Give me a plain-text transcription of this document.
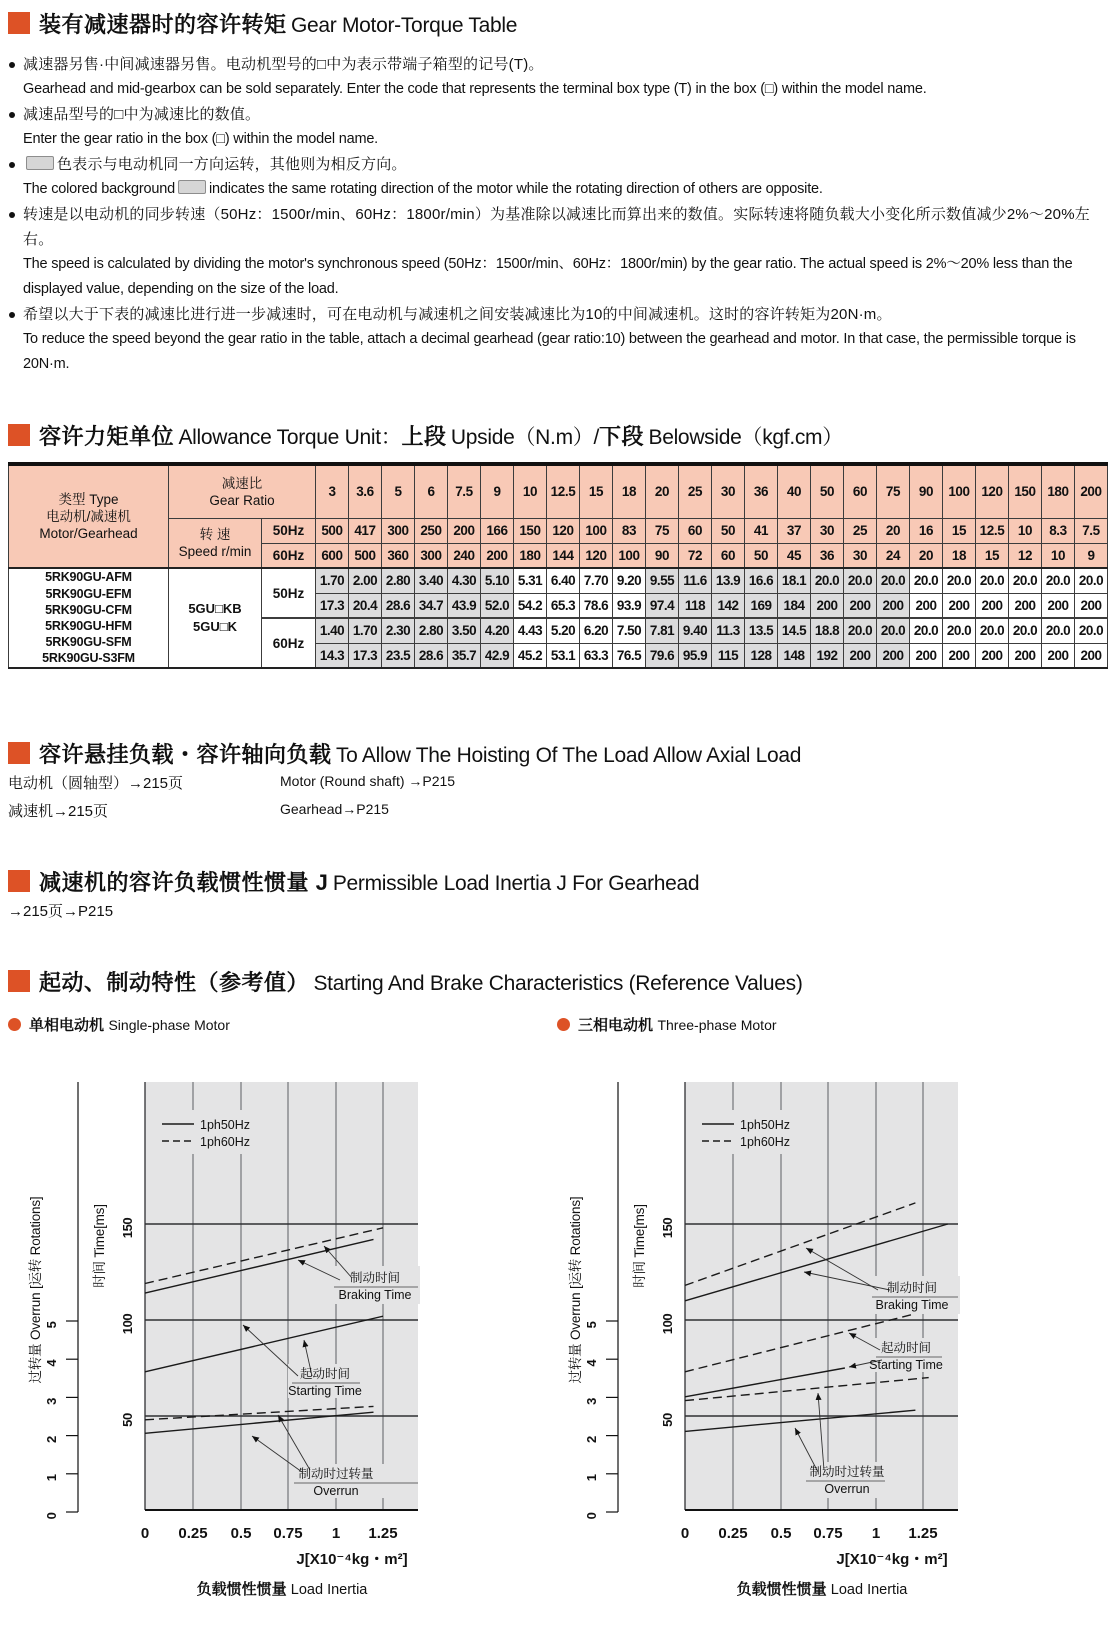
装有减速器时的容许转矩 Gear Motor-Torque Table
减速器另售·中间减速器另售。电动机型号的□中为表示带端子箱型的记号(T)。
Gearhead and mid-gearbox can be sold separately. Enter the code that represents the terminal box type (T) in the box (□) within the model name.
减速品型号的□中为减速比的数值。
Enter the gear ratio in the box (□) within the model name.
色表示与电动机同一方向运转，其他则为相反方向。
The colored background indicates the same rotating direction of the motor while the rotating direction of others are opposite.
转速是以电动机的同步转速（50Hz：1500r/min、60Hz：1800r/min）为基准除以减速比而算出来的数值。实际转速将随负载大小变化所示数值减少2%～20%左右。
The speed is calculated by dividing the motor's synchronous speed (50Hz：1500r/min、60Hz：1800r/min) by the gear ratio. The actual speed is 2%～20% less than the displayed value, depending on the size of the load.
希望以大于下表的减速比进行进一步减速时，可在电动机与减速机之间安装减速比为10的中间减速机。这时的容许转矩为20N·m。
To reduce the speed beyond the gear ratio in the table, attach a decimal gearhead (gear ratio:10) between the gearhead and motor. In that case, the permissible torque is 20N·m.
容许力矩单位 Allowance Torque Unit：上段 Upside（N.m）/下段 Belowside（kgf.cm）
类型 Type
电动机/减速机
Motor/Gearhead

减速比
Gear Ratio
	3	3.6	5	6	7.5	9	10	12.5	15	18	20	25	30	36	40	50	60	75	90	100	120	150	180	200

	转 速
Speed r/min	50Hz	500	417	300	250	200	166	150	120	100	83	75	60	50	41	37	30	25	20	16	15	12.5	10	8.3	7.5
		60Hz	600	500	360	300	240	200	180	144	120	100	90	72	60	50	45	36	30	24	20	18	15	12	10	9

5RK90GU-AFM
5RK90GU-EFM
5RK90GU-CFM
5RK90GU-HFM
5RK90GU-SFM
5RK90GU-S3FM

5GU□KB
5GU□K
	50Hz	1.70	2.00	2.80	3.40	4.30	5.10	5.31	6.40	7.70	9.20	9.55	11.6	13.9	16.6	18.1	20.0	20.0	20.0	20.0	20.0	20.0	20.0	20.0	20.0
			17.3	20.4	28.6	34.7	43.9	52.0	54.2	65.3	78.6	93.9	97.4	118	142	169	184	200	200	200	200	200	200	200	200	200
		60Hz	1.40	1.70	2.30	2.80	3.50	4.20	4.43	5.20	6.20	7.50	7.81	9.40	11.3	13.5	14.5	18.8	20.0	20.0	20.0	20.0	20.0	20.0	20.0	20.0
			14.3	17.3	23.5	28.6	35.7	42.9	45.2	53.1	63.3	76.5	79.6	95.9	115	128	148	192	200	200	200	200	200	200	200	200
容许悬挂负载・容许轴向负载 To Allow The Hoisting Of The Load Allow Axial Load
电动机（圆轴型）→215页	Motor (Round shaft) →P215
减速机→215页	Gearhead→P215
减速机的容许负载惯性惯量 J Permissible Load Inertia J For Gearhead
→215页→P215
起动、制动特性（参考值） Starting And Brake Characteristics (Reference Values)
单相电动机 Single-phase Motor	三相电动机 Three-phase Motor
0
1
2
3
4
5
过转量 Overrun [运转 Rotations]	时间 Time[ms]
50
100
150
0 0.25 0.5 0.75 1 1.25
J[X10⁻⁴kg・m²]
负载惯性惯量 Load Inertia
1ph50Hz
1ph60Hz
制动时间
Braking Time
起动时间
Starting Time
制动时过转量
Overrun
0
1
2
3
4
5
过转量 Overrun [运转 Rotations]	时间 Time[ms]
50
100
150
0 0.25 0.5 0.75 1 1.25
J[X10⁻⁴kg・m²]
负载惯性惯量 Load Inertia
1ph50Hz
1ph60Hz
制动时间
Braking Time
起动时间
Starting Time
制动时过转量
Overrun
